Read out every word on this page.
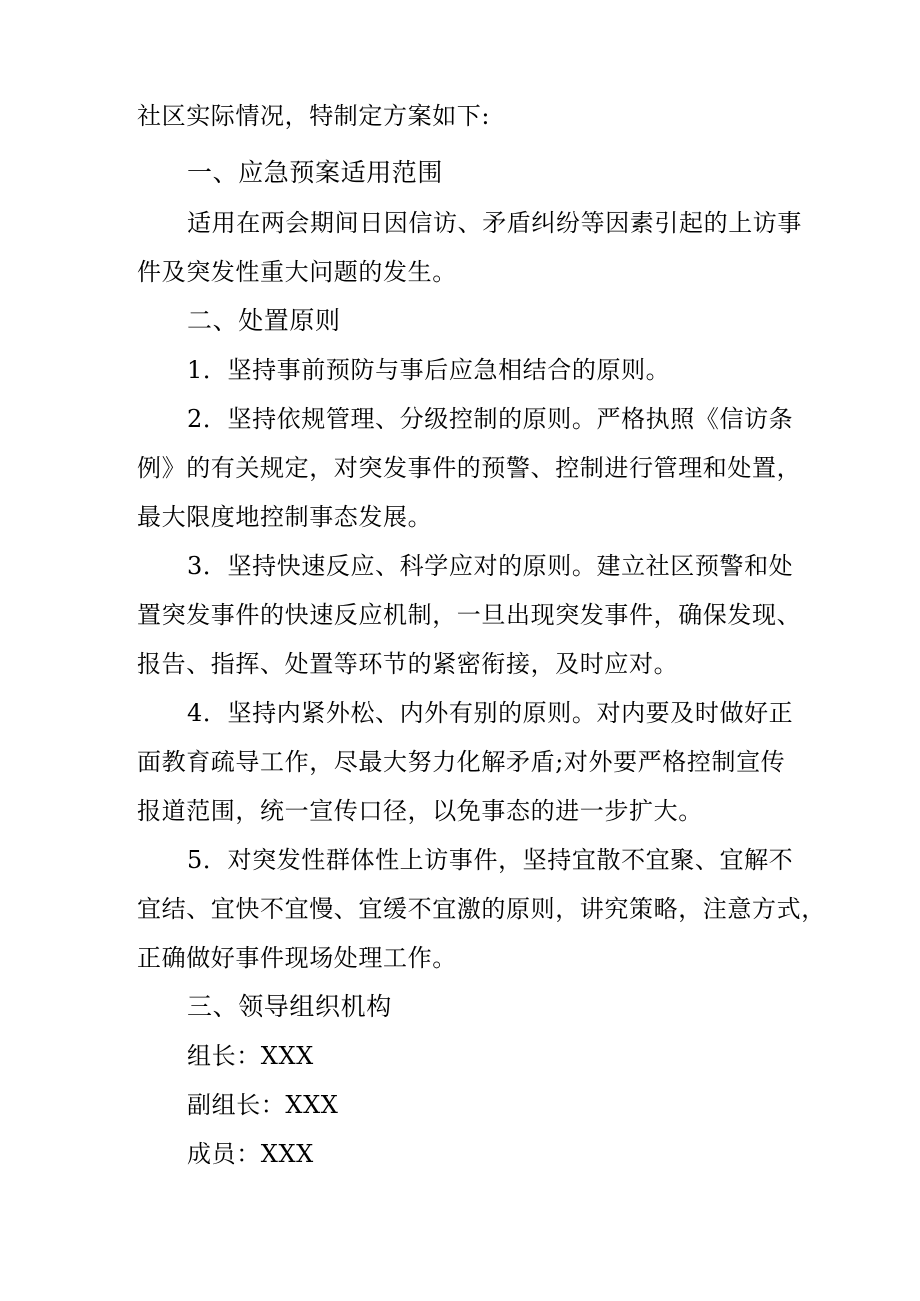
社区实际情况，特制定方案如下:
一、应急预案适用范围
适用在两会期间日因信访、矛盾纠纷等因素引起的上访事
件及突发性重大问题的发生。
二、处置原则
1．坚持事前预防与事后应急相结合的原则。
2．坚持依规管理、分级控制的原则。严格执照《信访条
例》的有关规定，对突发事件的预警、控制进行管理和处置，
最大限度地控制事态发展。
3．坚持快速反应、科学应对的原则。建立社区预警和处
置突发事件的快速反应机制，一旦出现突发事件，确保发现、
报告、指挥、处置等环节的紧密衔接，及时应对。
4．坚持内紧外松、内外有别的原则。对内要及时做好正
面教育疏导工作，尽最大努力化解矛盾;对外要严格控制宣传
报道范围，统一宣传口径，以免事态的进一步扩大。
5．对突发性群体性上访事件，坚持宜散不宜聚、宜解不
宜结、宜快不宜慢、宜缓不宜激的原则，讲究策略，注意方式，
正确做好事件现场处理工作。
三、领导组织机构
组长：XXX
副组长：XXX
成员：XXX
